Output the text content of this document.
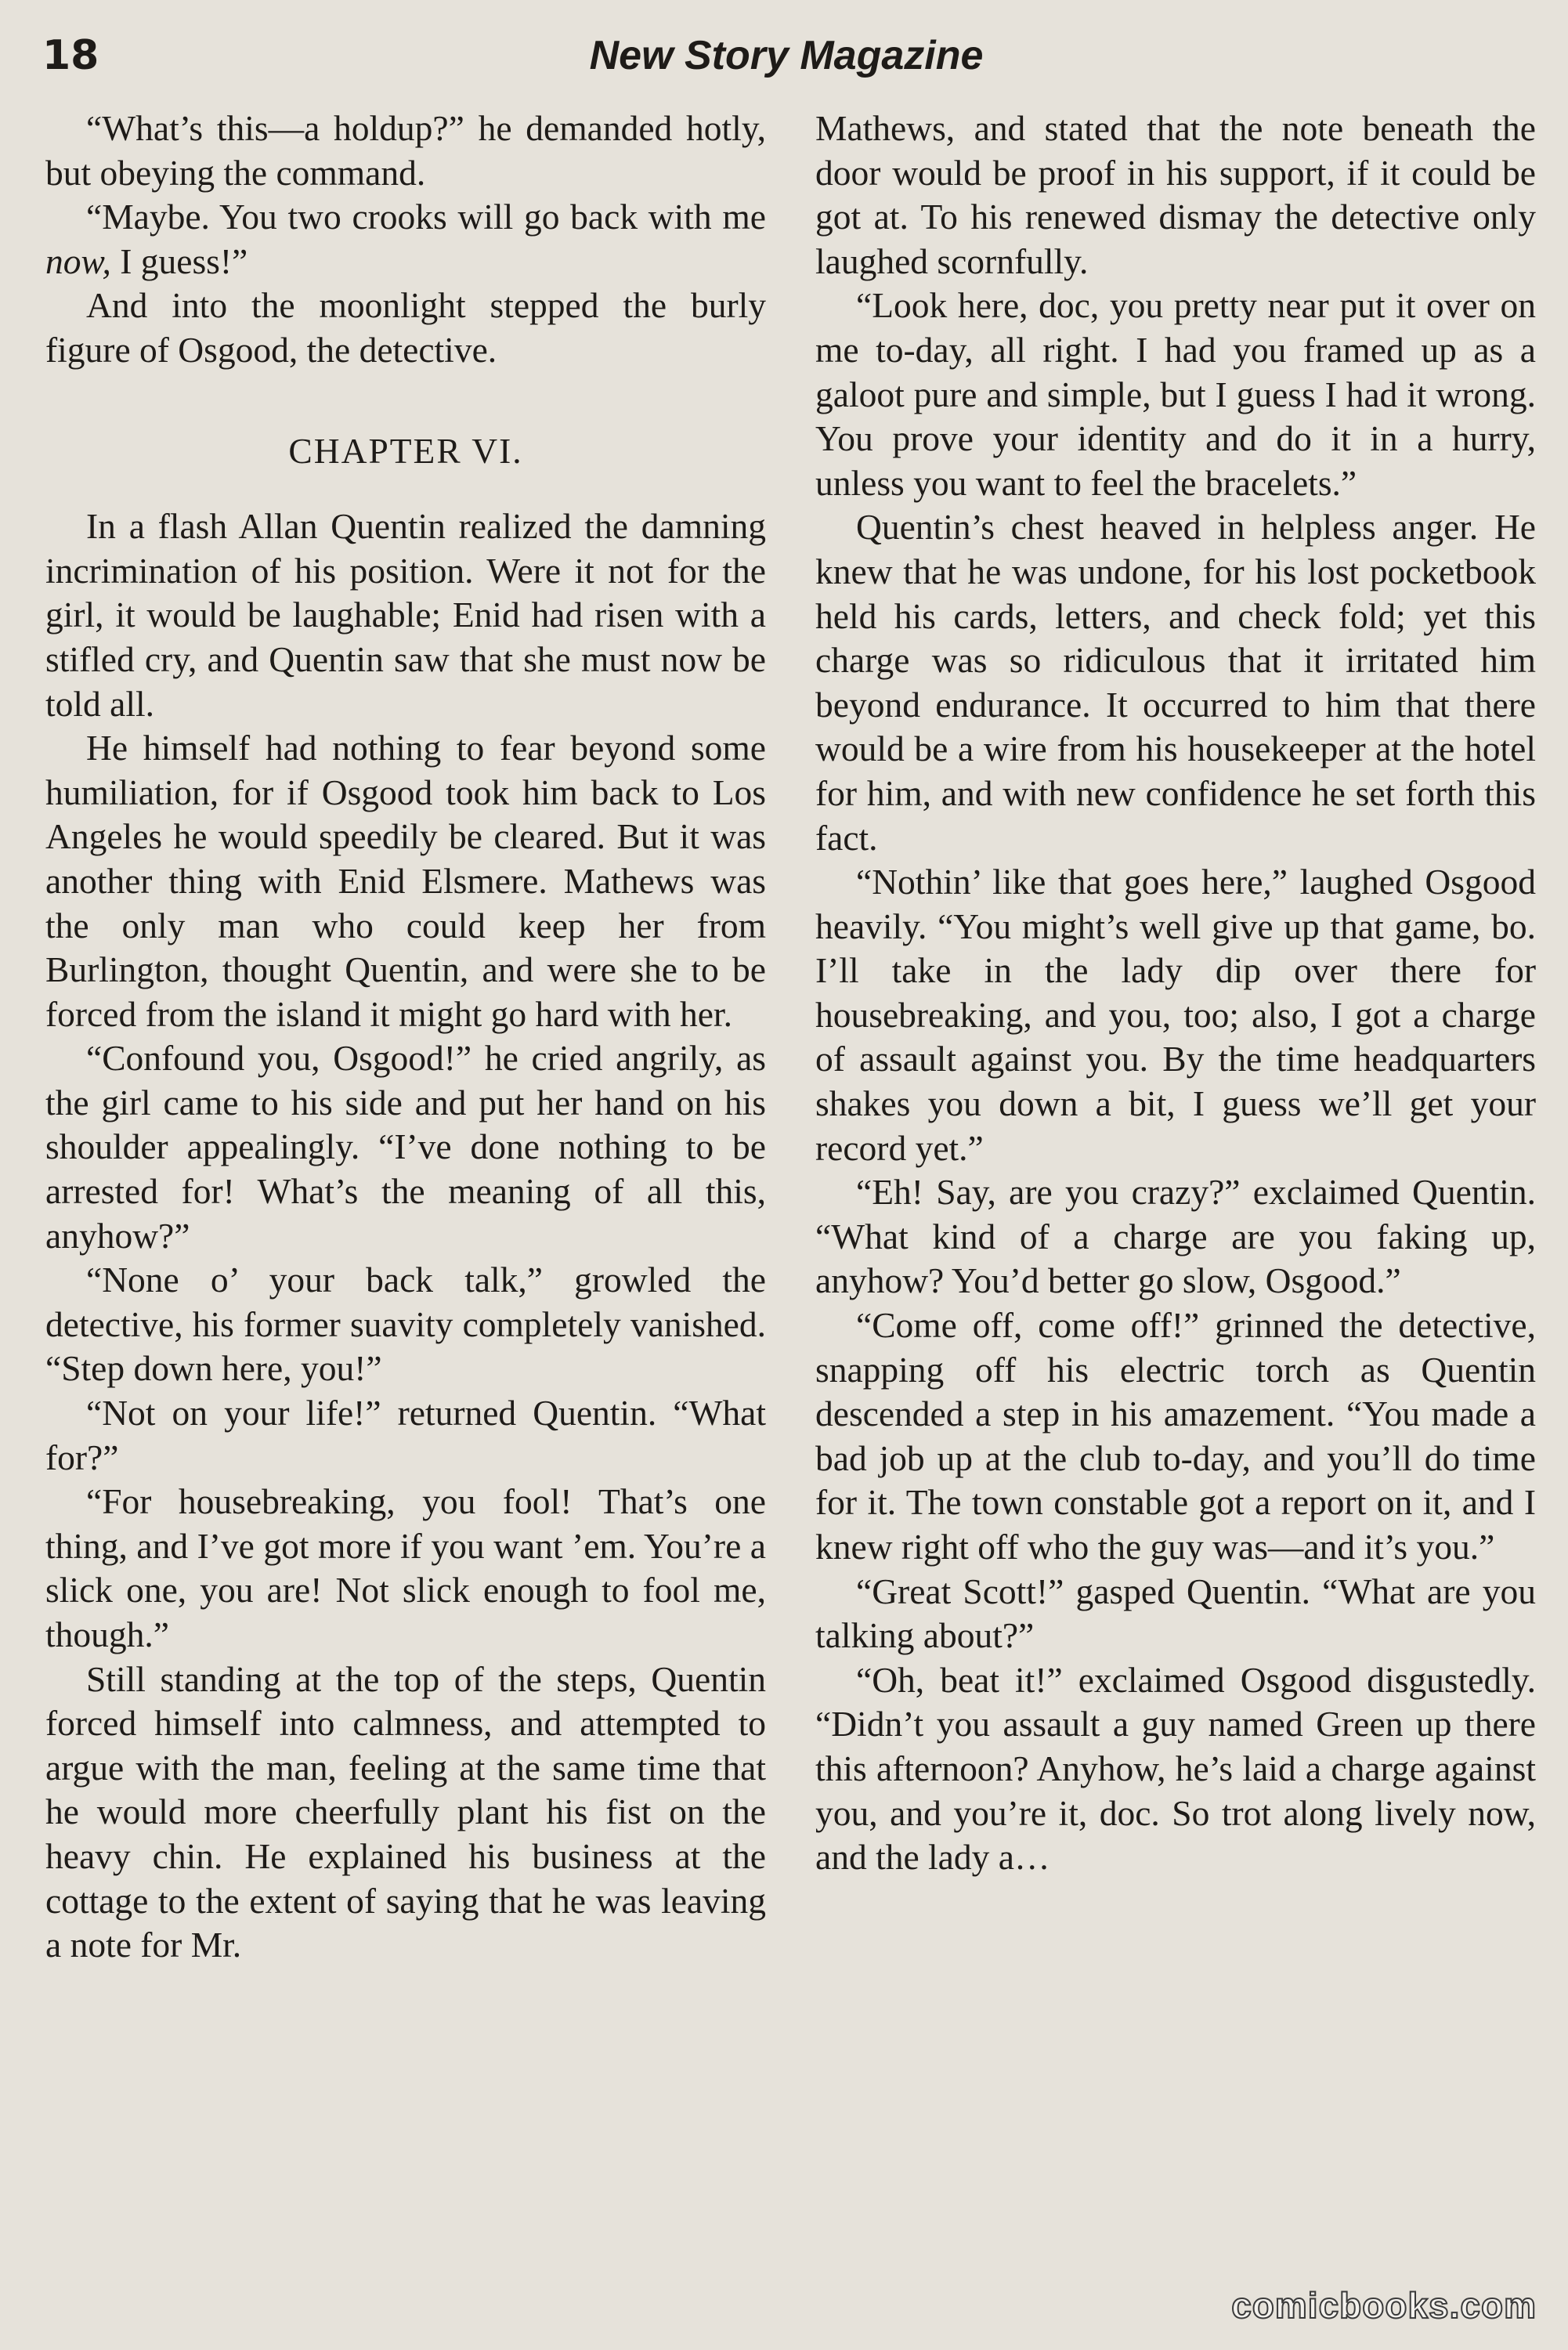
18	New Story Magazine

“What’s this—a holdup?” he demanded hotly, but obeying the command.

“Maybe. You two crooks will go back with me now, I guess!”

And into the moonlight stepped the burly figure of Osgood, the detective.

CHAPTER VI.

In a flash Allan Quentin realized the damning incrimination of his position. Were it not for the girl, it would be laughable; Enid had risen with a stifled cry, and Quentin saw that she must now be told all.

He himself had nothing to fear beyond some humiliation, for if Osgood took him back to Los Angeles he would speedily be cleared. But it was another thing with Enid Elsmere. Mathews was the only man who could keep her from Burlington, thought Quentin, and were she to be forced from the island it might go hard with her.

“Confound you, Osgood!” he cried angrily, as the girl came to his side and put her hand on his shoulder appealingly. “I’ve done nothing to be arrested for! What’s the meaning of all this, anyhow?”

“None o’ your back talk,” growled the detective, his former suavity completely vanished. “Step down here, you!”

“Not on your life!” returned Quentin. “What for?”

“For housebreaking, you fool! That’s one thing, and I’ve got more if you want ’em. You’re a slick one, you are! Not slick enough to fool me, though.”

Still standing at the top of the steps, Quentin forced himself into calmness, and attempted to argue with the man, feeling at the same time that he would more cheerfully plant his fist on the heavy chin. He explained his business at the cottage to the extent of saying that he was leaving a note for Mr.

Mathews, and stated that the note beneath the door would be proof in his support, if it could be got at. To his renewed dismay the detective only laughed scornfully.

“Look here, doc, you pretty near put it over on me to-day, all right. I had you framed up as a galoot pure and simple, but I guess I had it wrong. You prove your identity and do it in a hurry, unless you want to feel the bracelets.”

Quentin’s chest heaved in helpless anger. He knew that he was undone, for his lost pocketbook held his cards, letters, and check fold; yet this charge was so ridiculous that it irritated him beyond endurance. It occurred to him that there would be a wire from his housekeeper at the hotel for him, and with new confidence he set forth this fact.

“Nothin’ like that goes here,” laughed Osgood heavily. “You might’s well give up that game, bo. I’ll take in the lady dip over there for housebreaking, and you, too; also, I got a charge of assault against you. By the time headquarters shakes you down a bit, I guess we’ll get your record yet.”

“Eh! Say, are you crazy?” exclaimed Quentin. “What kind of a charge are you faking up, anyhow? You’d better go slow, Osgood.”

“Come off, come off!” grinned the detective, snapping off his electric torch as Quentin descended a step in his amazement. “You made a bad job up at the club to-day, and you’ll do time for it. The town constable got a report on it, and I knew right off who the guy was—and it’s you.”

“Great Scott!” gasped Quentin. “What are you talking about?”

“Oh, beat it!” exclaimed Osgood disgustedly. “Didn’t you assault a guy named Green up there this afternoon? Anyhow, he’s laid a charge against you, and you’re it, doc. So trot along lively now, and the lady a…

comicbooks.com
